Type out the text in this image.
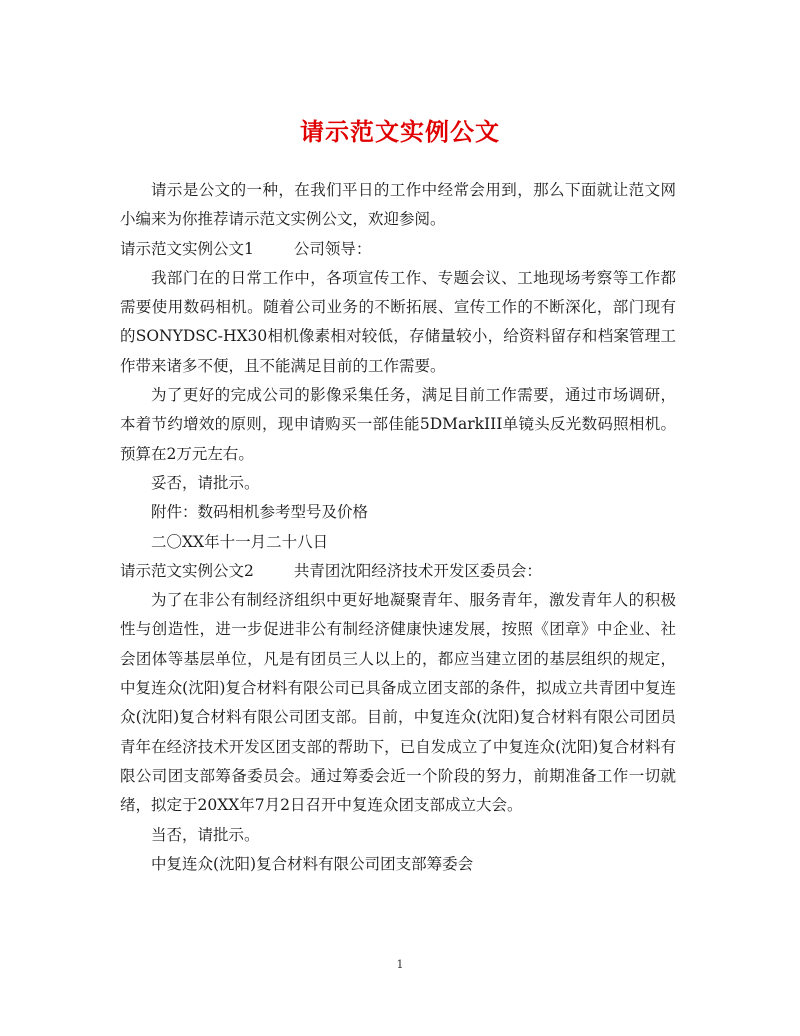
请示范文实例公文

请示是公文的一种，在我们平日的工作中经常会用到，那么下面就让范文网小编来为你推荐请示范文实例公文，欢迎参阅。

请示范文实例公文1	公司领导：

我部门在的日常工作中，各项宣传工作、专题会议、工地现场考察等工作都需要使用数码相机。随着公司业务的不断拓展、宣传工作的不断深化，部门现有的SONYDSC-HX30相机像素相对较低，存储量较小，给资料留存和档案管理工作带来诸多不便，且不能满足目前的工作需要。

为了更好的完成公司的影像采集任务，满足目前工作需要，通过市场调研，本着节约增效的原则，现申请购买一部佳能5DMarkIII单镜头反光数码照相机。预算在2万元左右。

妥否，请批示。

附件：数码相机参考型号及价格

二〇XX年十一月二十八日

请示范文实例公文2	共青团沈阳经济技术开发区委员会：

为了在非公有制经济组织中更好地凝聚青年、服务青年，激发青年人的积极性与创造性，进一步促进非公有制经济健康快速发展，按照《团章》中企业、社会团体等基层单位，凡是有团员三人以上的，都应当建立团的基层组织的规定，中复连众(沈阳)复合材料有限公司已具备成立团支部的条件，拟成立共青团中复连众(沈阳)复合材料有限公司团支部。目前，中复连众(沈阳)复合材料有限公司团员青年在经济技术开发区团支部的帮助下，已自发成立了中复连众(沈阳)复合材料有限公司团支部筹备委员会。通过筹委会近一个阶段的努力，前期准备工作一切就绪，拟定于20XX年7月2日召开中复连众团支部成立大会。

当否，请批示。

中复连众(沈阳)复合材料有限公司团支部筹委会

1
